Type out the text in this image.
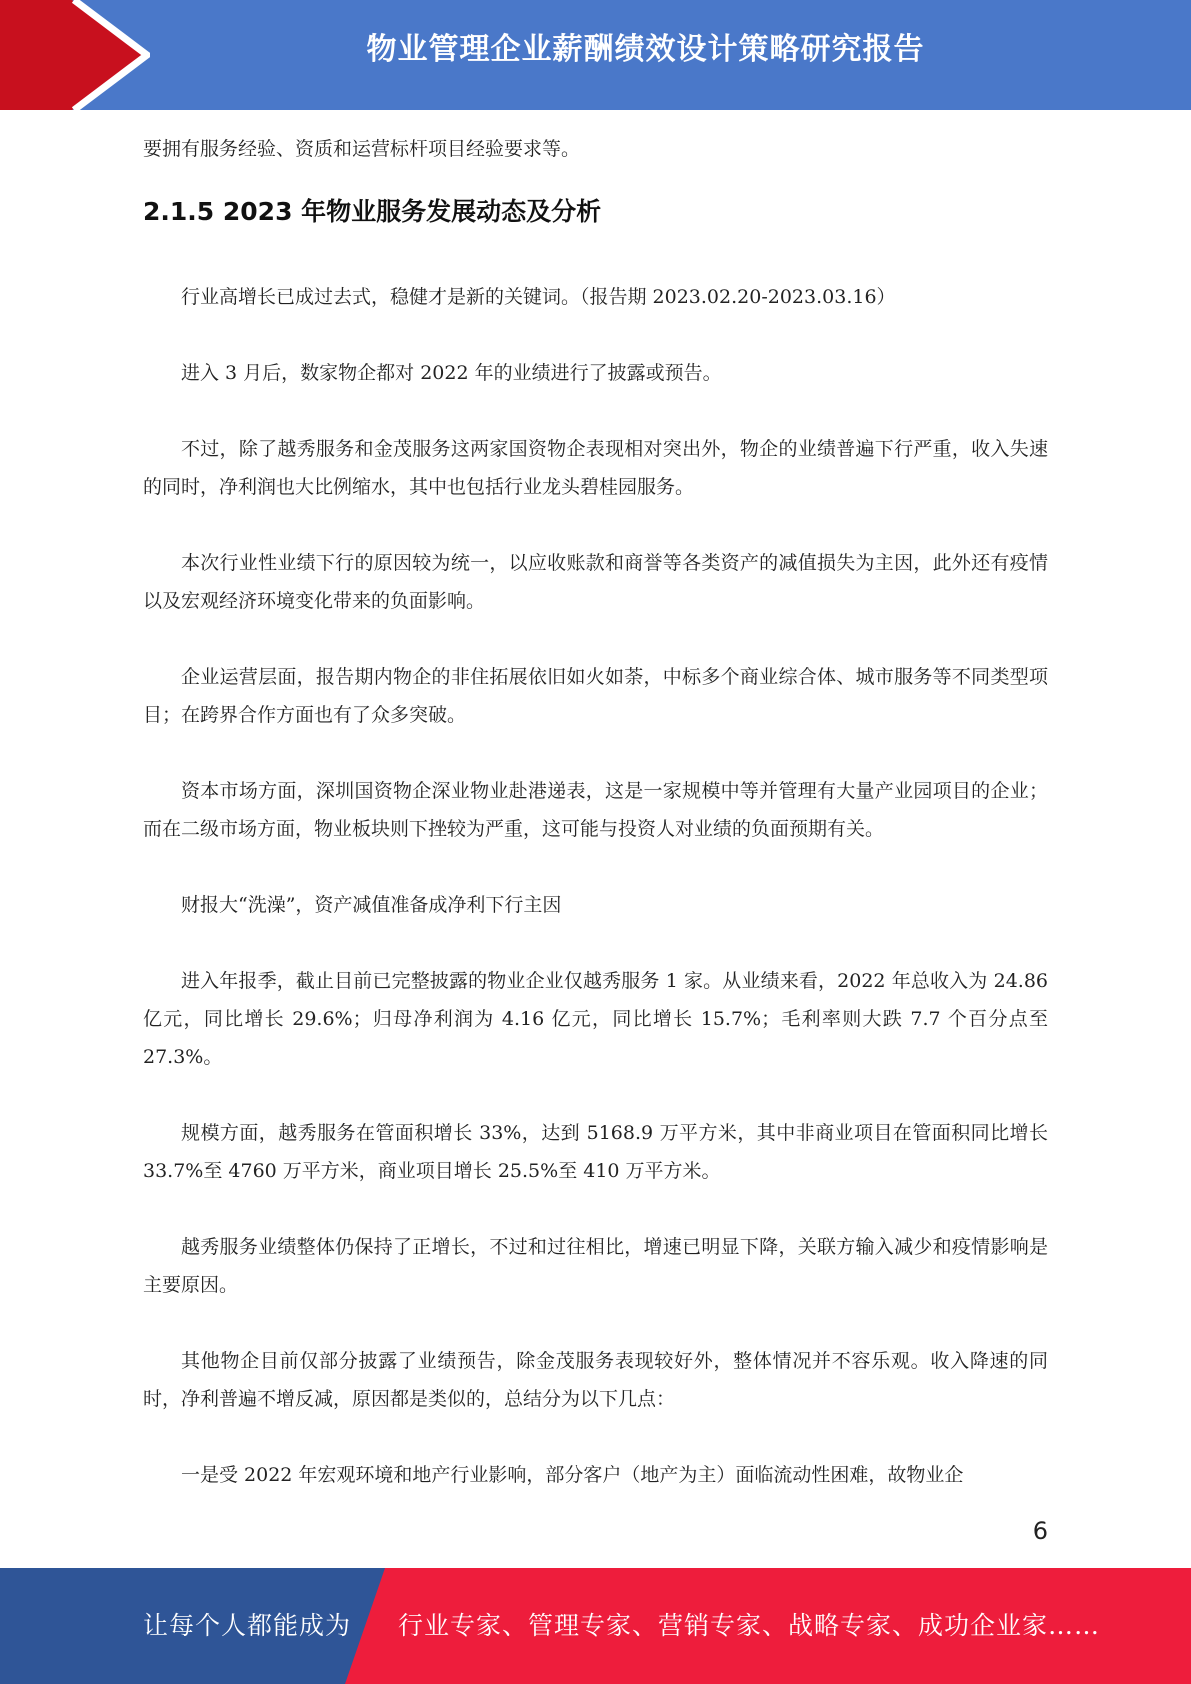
物业管理企业薪酬绩效设计策略研究报告

要拥有服务经验、资质和运营标杆项目经验要求等。

2.1.5 2023 年物业服务发展动态及分析

行业高增长已成过去式，稳健才是新的关键词。（报告期 2023.02.20-2023.03.16）

进入 3 月后，数家物企都对 2022 年的业绩进行了披露或预告。

不过，除了越秀服务和金茂服务这两家国资物企表现相对突出外，物企的业绩普遍下行严重，收入失速的同时，净利润也大比例缩水，其中也包括行业龙头碧桂园服务。

本次行业性业绩下行的原因较为统一，以应收账款和商誉等各类资产的减值损失为主因，此外还有疫情以及宏观经济环境变化带来的负面影响。

企业运营层面，报告期内物企的非住拓展依旧如火如荼，中标多个商业综合体、城市服务等不同类型项目；在跨界合作方面也有了众多突破。

资本市场方面，深圳国资物企深业物业赴港递表，这是一家规模中等并管理有大量产业园项目的企业；而在二级市场方面，物业板块则下挫较为严重，这可能与投资人对业绩的负面预期有关。

财报大“洗澡”，资产减值准备成净利下行主因

进入年报季，截止目前已完整披露的物业企业仅越秀服务 1 家。从业绩来看，2022 年总收入为 24.86 亿元，同比增长 29.6%；归母净利润为 4.16 亿元，同比增长 15.7%；毛利率则大跌 7.7 个百分点至 27.3%。

规模方面，越秀服务在管面积增长 33%，达到 5168.9 万平方米，其中非商业项目在管面积同比增长 33.7%至 4760 万平方米，商业项目增长 25.5%至 410 万平方米。

越秀服务业绩整体仍保持了正增长，不过和过往相比，增速已明显下降，关联方输入减少和疫情影响是主要原因。

其他物企目前仅部分披露了业绩预告，除金茂服务表现较好外，整体情况并不容乐观。收入降速的同时，净利普遍不增反减，原因都是类似的，总结分为以下几点：

一是受 2022 年宏观环境和地产行业影响，部分客户（地产为主）面临流动性困难，故物业企

6
让每个人都能成为 行业专家、管理专家、营销专家、战略专家、成功企业家……
